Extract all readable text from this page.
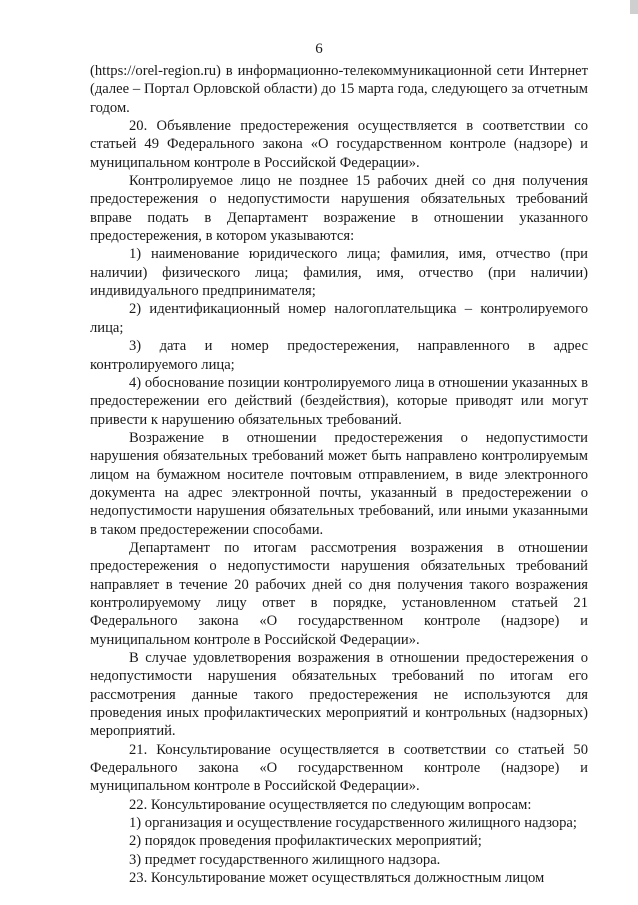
6

(https://orel-region.ru) в информационно-телекоммуникационной сети Интернет (далее – Портал Орловской области) до 15 марта года, следующего за отчетным годом.

20. Объявление предостережения осуществляется в соответствии со статьей 49 Федерального закона «О государственном контроле (надзоре) и муниципальном контроле в Российской Федерации».

Контролируемое лицо не позднее 15 рабочих дней со дня получения предостережения о недопустимости нарушения обязательных требований вправе подать в Департамент возражение в отношении указанного предостережения, в котором указываются:

1) наименование юридического лица; фамилия, имя, отчество (при наличии) физического лица; фамилия, имя, отчество (при наличии) индивидуального предпринимателя;

2) идентификационный номер налогоплательщика – контролируемого лица;

3) дата и номер предостережения, направленного в адрес контролируемого лица;

4) обоснование позиции контролируемого лица в отношении указанных в предостережении его действий (бездействия), которые приводят или могут привести к нарушению обязательных требований.

Возражение в отношении предостережения о недопустимости нарушения обязательных требований может быть направлено контролируемым лицом на бумажном носителе почтовым отправлением, в виде электронного документа на адрес электронной почты, указанный в предостережении о недопустимости нарушения обязательных требований, или иными указанными в таком предостережении способами.

Департамент по итогам рассмотрения возражения в отношении предостережения о недопустимости нарушения обязательных требований направляет в течение 20 рабочих дней со дня получения такого возражения контролируемому лицу ответ в порядке, установленном статьей 21 Федерального закона «О государственном контроле (надзоре) и муниципальном контроле в Российской Федерации».

В случае удовлетворения возражения в отношении предостережения о недопустимости нарушения обязательных требований по итогам его рассмотрения данные такого предостережения не используются для проведения иных профилактических мероприятий и контрольных (надзорных) мероприятий.

21. Консультирование осуществляется в соответствии со статьей 50 Федерального закона «О государственном контроле (надзоре) и муниципальном контроле в Российской Федерации».

22. Консультирование осуществляется по следующим вопросам:

1) организация и осуществление государственного жилищного надзора;

2) порядок проведения профилактических мероприятий;

3) предмет государственного жилищного надзора.

23. Консультирование может осуществляться должностным лицом
